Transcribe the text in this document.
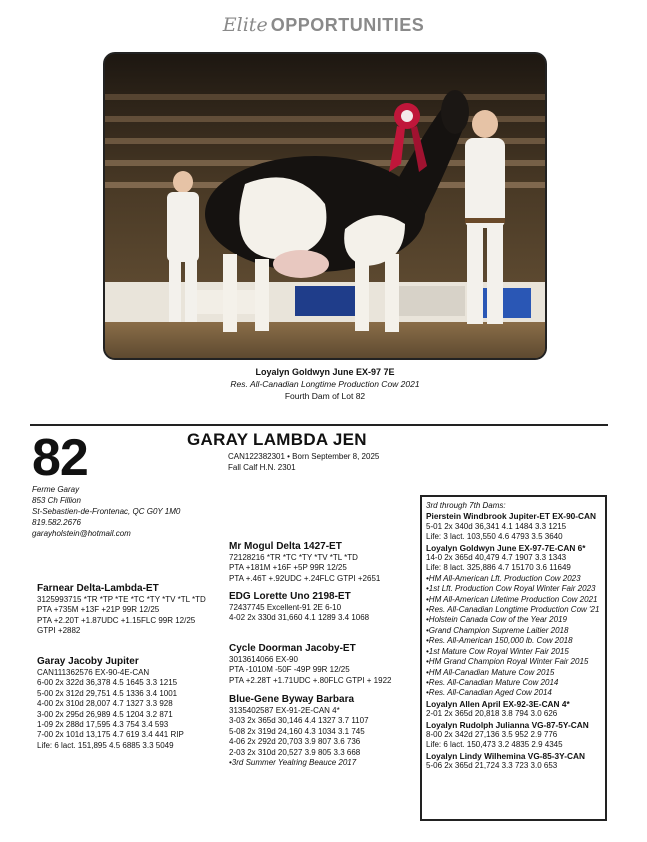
Elite OPPORTUNITIES
Loyalyn Goldwyn June EX-97 7E
Res. All-Canadian Longtime Production Cow 2021
Fourth Dam of Lot 82
82	GARAY LAMBDA JEN
CAN122382301 • Born September 8, 2025
Fall Calf H.N. 2301
Ferme Garay
853 Ch Fillion
St-Sebastien-de-Frontenac, QC G0Y 1M0
819.582.2676
garayholstein@hotmail.com
Mr Mogul Delta 1427-ET
72128216 *TR *TC *TY *TV *TL *TD
PTA +181M +16F +5P 99R 12/25
PTA +.46T +.92UDC +.24FLC GTPI +2651
EDG Lorette Uno 2198-ET
72437745 Excellent-91 2E 6-10
4-02 2x 330d 31,660 4.1 1289 3.4 1068
Farnear Delta-Lambda-ET
3125993715 *TR *TP *TE *TC *TY *TV *TL *TD
PTA +735M +13F +21P 99R 12/25
PTA +2.20T +1.87UDC +1.15FLC 99R 12/25
GTPI +2882
Garay Jacoby Jupiter
CAN111362576 EX-90-4E-CAN
6-00 2x 322d 36,378 4.5 1645 3.3 1215
5-00 2x 312d 29,751 4.5 1336 3.4 1001
4-00 2x 310d 28,007 4.7 1327 3.3 928
3-00 2x 295d 26,989 4.5 1204 3.2 871
1-09 2x 288d 17,595 4.3 754 3.4 593
7-00 2x 101d 13,175 4.7 619 3.4 441 RIP
Life: 6 lact. 151,895 4.5 6885 3.3 5049
Cycle Doorman Jacoby-ET
3013614066 EX-90
PTA -1010M -50F -49P 99R 12/25
PTA +2.28T +1.71UDC +.80FLC GTPI + 1922
Blue-Gene Byway Barbara
3135402587 EX-91-2E-CAN 4*
3-03 2x 365d 30,146 4.4 1327 3.7 1107
5-08 2x 319d 24,160 4.3 1034 3.1 745
4-06 2x 292d 20,703 3.9 807 3.6 736
2-03 2x 310d 20,527 3.9 805 3.3 668
•3rd Summer Yealring Beauce 2017
3rd through 7th Dams:
Pierstein Windbrook Jupiter-ET EX-90-CAN
5-01 2x 340d 36,341 4.1 1484 3.3 1215
Life: 3 lact. 103,550 4.6 4793 3.5 3640
Loyalyn Goldwyn June EX-97-7E-CAN 6*
14-0 2x 365d 40,479 4.7 1907 3.3 1343
Life: 8 lact. 325,886 4.7 15170 3.6 11649
•HM All-American Lft. Production Cow 2023
•1st Lft. Production Cow Royal Winter Fair 2023
•HM All-American Lifetime Production Cow 2021
•Res. All-Canadian Longtime Production Cow '21
•Holstein Canada Cow of the Year 2019
•Grand Champion Supreme Laitier 2018
•Res. All-American 150,000 lb. Cow 2018
•1st Mature Cow Royal Winter Fair 2015
•HM Grand Champion Royal Winter Fair 2015
•HM All-Canadian Mature Cow 2015
•Res. All-Canadian Mature Cow 2014
•Res. All-Canadian Aged Cow 2014
Loyalyn Allen April EX-92-3E-CAN 4*
2-01 2x 365d 20,818 3.8 794 3.0 626
Loyalyn Rudolph Julianna VG-87-5Y-CAN
8-00 2x 342d 27,136 3.5 952 2.9 776
Life: 6 lact. 150,473 3.2 4835 2.9 4345
Loyalyn Lindy Wilhemina VG-85-3Y-CAN
5-06 2x 365d 21,724 3.3 723 3.0 653
